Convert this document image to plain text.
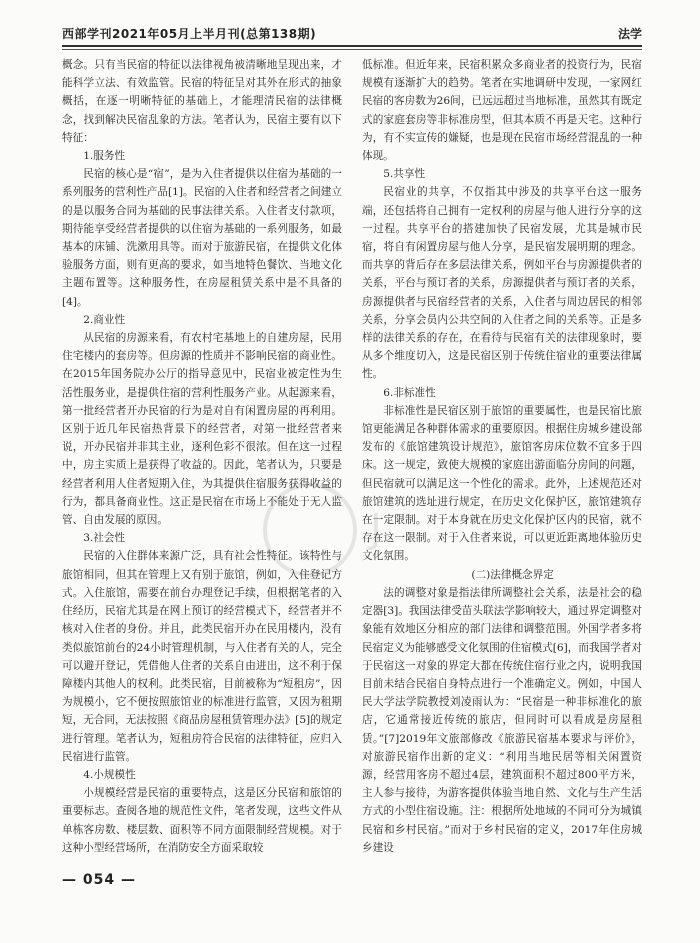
西部学刊2021年05月上半月刊(总第138期)	法学
J

概念。只有当民宿的特征以法律视角被清晰地呈现出来，才能科学立法、有效监管。民宿的特征呈对其外在形式的抽象概括，在逐一明晰特征的基础上，才能理清民宿的法律概念，找到解决民宿乱象的方法。笔者认为，民宿主要有以下特征：

1.服务性

民宿的核心是“宿”，是为入住者提供以住宿为基础的一系列服务的营利性产品[1]。民宿的入住者和经营者之间建立的是以服务合同为基础的民事法律关系。入住者支付款项，期待能享受经营者提供的以住宿为基础的一系列服务，如最基本的床铺、洗漱用具等。而对于旅游民宿，在提供文化体验服务方面，则有更高的要求，如当地特色餐饮、当地文化主题布置等。这种服务性，在房屋租赁关系中是不具备的[4]。

2.商业性

从民宿的房源来看，有农村宅基地上的自建房屋，民用住宅楼内的套房等。但房源的性质并不影响民宿的商业性。在2015年国务院办公厅的指导意见中，民宿业被定性为生活性服务业，是提供住宿的营利性服务产业。从起源来看，第一批经营者开办民宿的行为是对自有闲置房屋的再利用。区别于近几年民宿热背景下的经营者，对第一批经营者来说，开办民宿并非其主业，逐利色彩不很浓。但在这一过程中，房主实质上是获得了收益的。因此，笔者认为，只要是经营者利用人住者短期入住，为其提供住宿服务获得收益的行为，都具备商业性。这正是民宿在市场上不能处于无人监管、自由发展的原因。

3.社会性

民宿的入住群体来源广泛，具有社会性特征。该特性与旅馆相同，但其在管理上又有别于旅馆，例如，入住登记方式。入住旅馆，需要在前台办理登记手续，但根据笔者的入住经历，民宿尤其是在网上预订的经营模式下，经营者并不核对入住者的身份。并且，此类民宿开办在民用楼内，没有类似旅馆前台的24小时管理机制，与入住者有关的人，完全可以避开登记，凭借他人住者的关系自由进出，这不利于保障楼内其他人的权利。此类民宿，目前被称为“短租房”，因为规模小，它不便按照旅馆业的标准进行监管，又因为租期短，无合同，无法按照《商品房屋租赁管理办法》[5]的规定进行管理。笔者认为，短租房符合民宿的法律特征，应归入民宿进行监管。

4.小规模性

小规模经营是民宿的重要特点，这是区分民宿和旅馆的重要标志。查阅各地的规范性文件，笔者发现，这些文件从单栋客房数、楼层数、面积等不同方面限制经营规模。对于这种小型经营场所，在消防安全方面采取较

低标准。但近年来，民宿积累众多商业者的投资行为，民宿规模有逐渐扩大的趋势。笔者在实地调研中发现，一家网红民宿的客房数为26间，已远远超过当地标准，虽然其有既定式的家庭套房等非标准房型，但其本质不再是天宅。这种行为，有不实宣传的嫌疑，也是现在民宿市场经营混乱的一种体现。

5.共享性

民宿业的共享，不仅指其中涉及的共享平台这一服务端，还包括将自己拥有一定权利的房屋与他人进行分享的这一过程。共享平台的搭建加快了民宿发展，尤其是城市民宿，将自有闲置房屋与他人分享，是民宿发展明期的理念。而共享的背后存在多层法律关系，例如平台与房源提供者的关系，平台与预订者的关系，房源提供者与预订者的关系，房源提供者与民宿经营者的关系，入住者与周边居民的相邻关系，分享会员内公共空间的入住者之间的关系等。正是多样的法律关系的存在，在看待与民宿有关的法律现象时，要从多个维度切入，这是民宿区别于传统住宿业的重要法律属性。

6.非标准性

非标准性是民宿区别于旅馆的重要属性，也是民宿比旅馆更能满足各种群体需求的重要原因。根据住房城乡建设部发布的《旅馆建筑设计规范》，旅馆客房床位数不宜多于四床。这一规定，致使大规模的家庭出游面临分房间的问题，但民宿就可以满足这一个性化的需求。此外，上述规范还对旅馆建筑的选址进行规定，在历史文化保护区，旅馆建筑存在一定限制。对于本身就在历史文化保护区内的民宿，就不存在这一限制。对于入住者来说，可以更近距离地体验历史文化氛围。

(二)法律概念界定

法的调整对象是指法律所调整社会关系，法是社会的稳定器[3]。我国法律受苗头联法学影响较大，通过界定调整对象能有效地区分相应的部门法律和调整范围。外国学者多将民宿定义为能够感受文化氛围的住宿模式[6]，而我国学者对于民宿这一对象的界定大都在传统住宿行业之内，说明我国目前未结合民宿自身特点进行一个准确定义。例如，中国人民大学法学院教授刘凌雨认为：“民宿是一种非标准化的旅店，它通常接近传统的旅店，但同时可以看成是房屋租赁。”[7]2019年文旅部修改《旅游民宿基本要求与评价》，对旅游民宿作出新的定义：“利用当地民居等相关闲置资源，经营用客房不超过4层，建筑面积不超过800平方米，主人参与接待，为游客提供体验当地自然、文化与生产生活方式的小型住宿设施。注：根据所处地域的不同可分为城镇民宿和乡村民宿。”而对于乡村民宿的定义，2017年住房城乡建设

— 054 —
